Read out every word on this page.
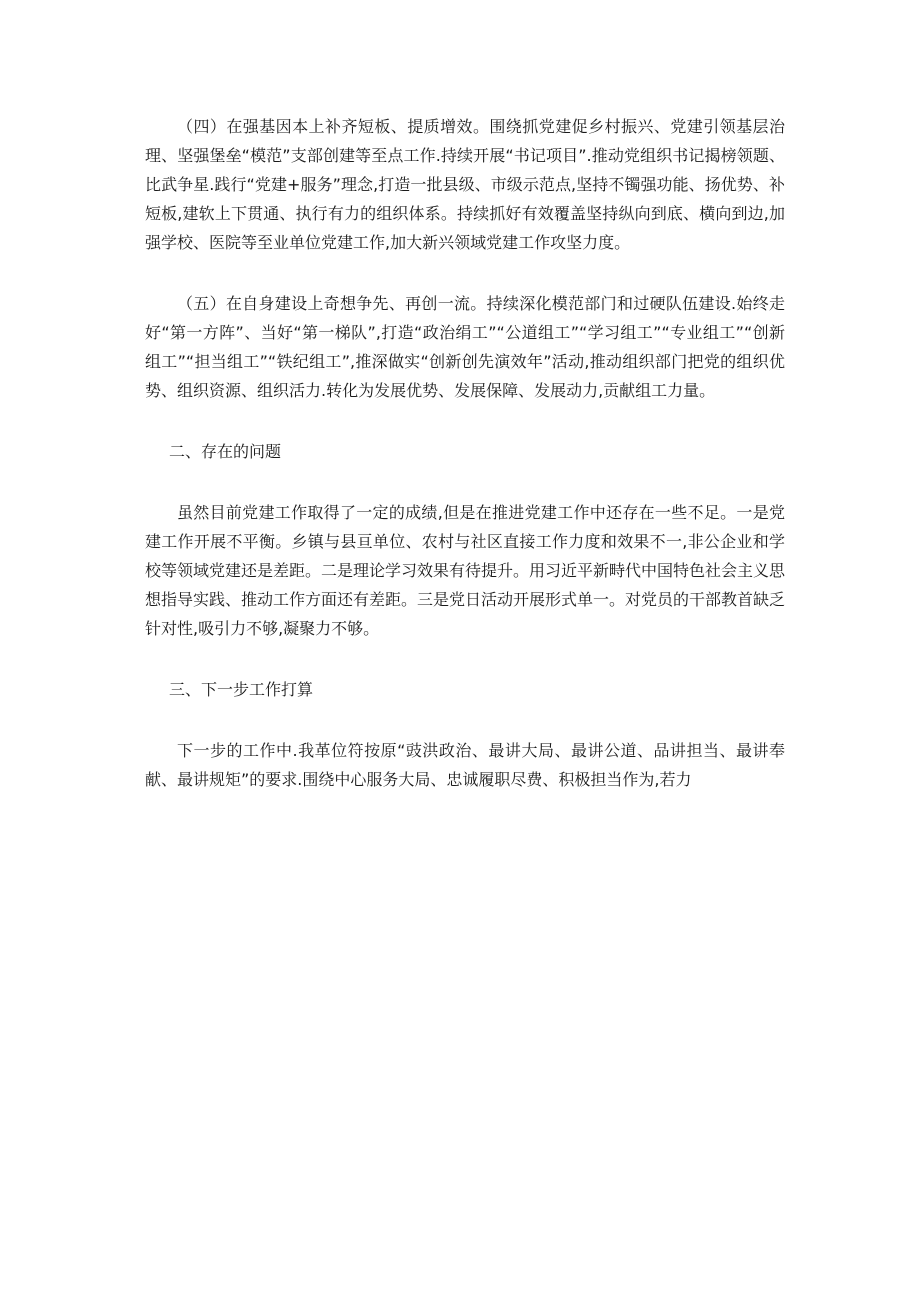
（四）在强基因本上补齐短板、提质增效。围绕抓党建促乡村振兴、党建引领基层治理、坚强堡垒“模范”支部创建等至点工作.持续开展“书记项目”.推动党组织书记揭榜领题、比武争星.践行“党建+服务”理念,打造一批县级、市级示范点,坚持不镯强功能、扬优势、补短板,建软上下贯通、执行有力的组织体系。持续抓好有效覆盖坚持纵向到底、横向到边,加强学校、医院等至业单位党建工作,加大新兴领域党建工作攻坚力度。

（五）在自身建设上奇想争先、再创一流。持续深化模范部门和过硬队伍建设.始终走好“第一方阵”、当好“第一梯队”,打造“政治绢工”“公道组工”“学习组工”“专业组工”“创新组工”“担当组工”“铁纪组工”,推深做实“创新创先演效年”活动,推动组织部门把党的组织优势、组织资源、组织活力.转化为发展优势、发展保障、发展动力,贡献组工力量。

二、存在的问题

虽然目前党建工作取得了一定的成绩,但是在推进党建工作中还存在一些不足。一是党建工作开展不平衡。乡镇与县亘单位、农村与社区直接工作力度和效果不一,非公企业和学校等领域党建还是差距。二是理论学习效果有待提升。用习近平新畤代中国特色社会主义思想指导实践、推动工作方面还有差距。三是党日活动开展形式单一。对党员的干部教首缺乏针对性,吸引力不够,凝聚力不够。

三、下一步工作打算

下一步的工作中.我革位符按原“豉洪政治、最讲大局、最讲公道、品讲担当、最讲奉献、最讲规矩”的要求.围绕中心服务大局、忠诚履职尽费、积极担当作为,若力
